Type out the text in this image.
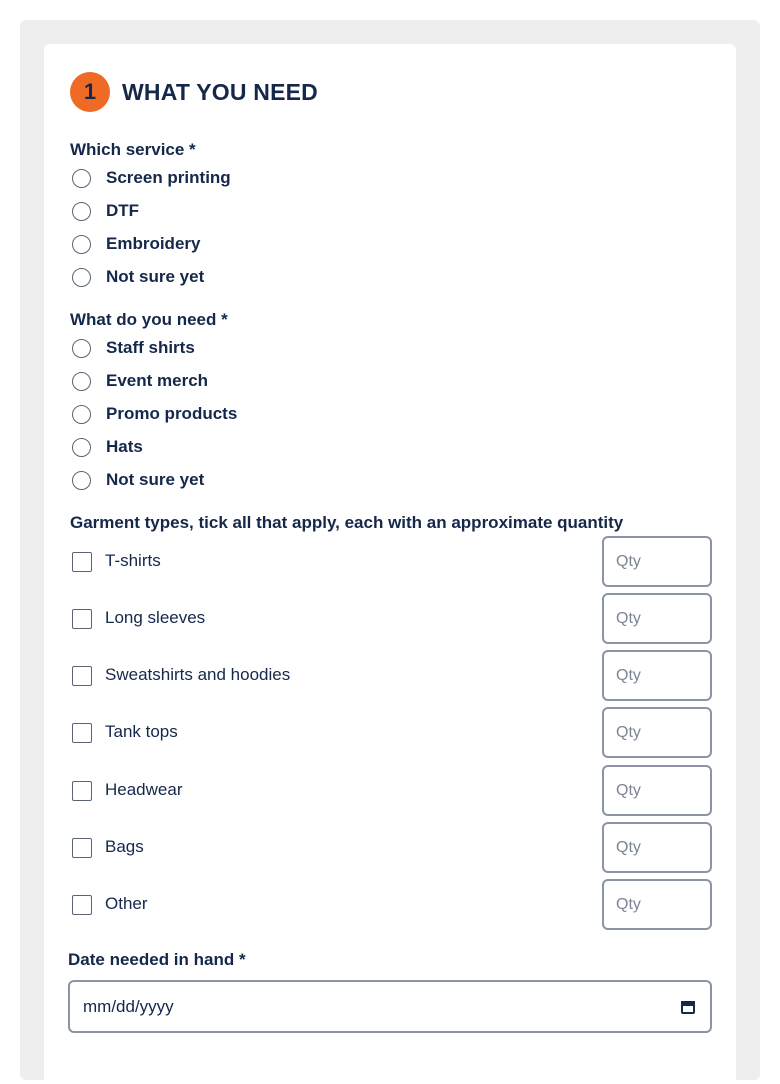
1	WHAT YOU NEED
Which service *
Screen printing
DTF
Embroidery
Not sure yet
What do you need *
Staff shirts
Event merch
Promo products
Hats
Not sure yet
Garment types, tick all that apply, each with an approximate quantity
T-shirts
Qty
Long sleeves
Qty
Sweatshirts and hoodies
Qty
Tank tops
Qty
Headwear
Qty
Bags
Qty
Other
Qty
Date needed in hand *
mm/dd/yyyy
